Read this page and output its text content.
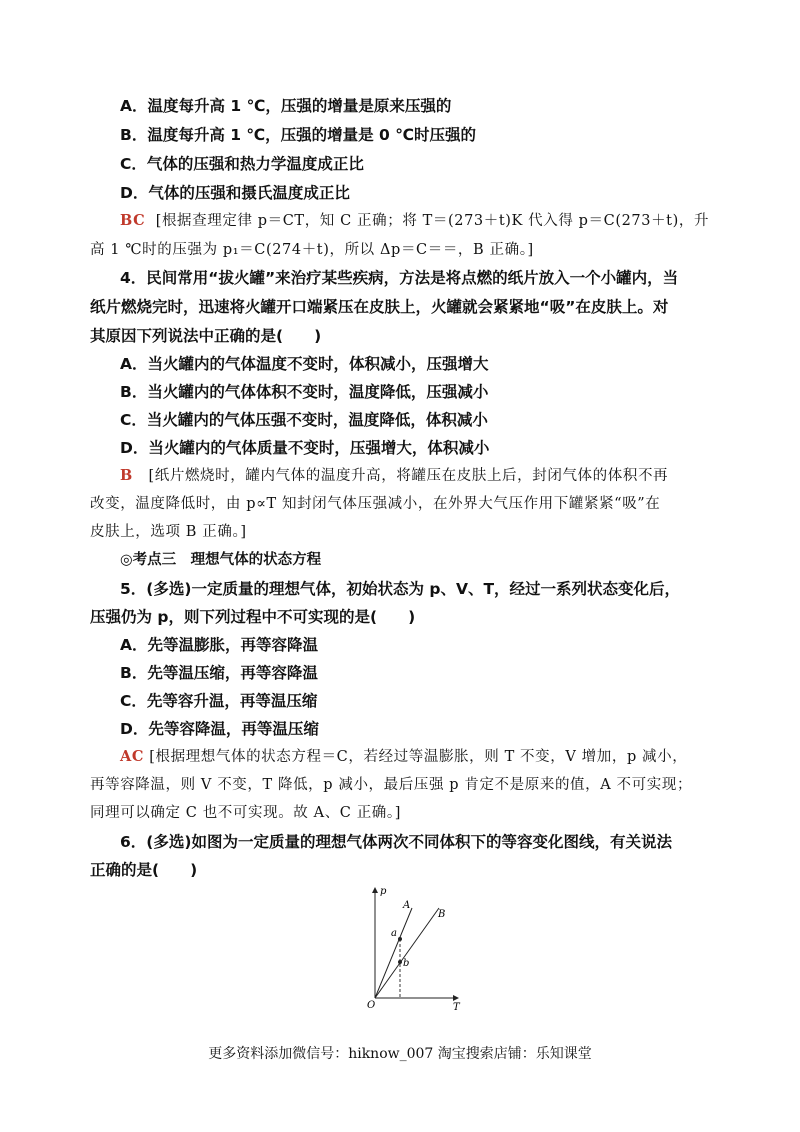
A．温度每升高 1 ℃，压强的增量是原来压强的
B．温度每升高 1 ℃，压强的增量是 0 ℃时压强的
C．气体的压强和热力学温度成正比
D．气体的压强和摄氏温度成正比
BC [根据查理定律 p＝CT，知 C 正确；将 T＝(273＋t)K 代入得 p＝C(273＋t)，升
高 1 ℃时的压强为 p₁＝C(274＋t)，所以 Δp＝C＝＝，B 正确。]
4．民间常用“拔火罐”来治疗某些疾病，方法是将点燃的纸片放入一个小罐内，当
纸片燃烧完时，迅速将火罐开口端紧压在皮肤上，火罐就会紧紧地“吸”在皮肤上。对
其原因下列说法中正确的是(　　)
A．当火罐内的气体温度不变时，体积减小，压强增大
B．当火罐内的气体体积不变时，温度降低，压强减小
C．当火罐内的气体压强不变时，温度降低，体积减小
D．当火罐内的气体质量不变时，压强增大，体积减小
B [纸片燃烧时，罐内气体的温度升高，将罐压在皮肤上后，封闭气体的体积不再
改变，温度降低时，由 p∝T 知封闭气体压强减小，在外界大气压作用下罐紧紧“吸”在
皮肤上，选项 B 正确。]
◎考点三　理想气体的状态方程
5．(多选)一定质量的理想气体，初始状态为 p、V、T，经过一系列状态变化后，
压强仍为 p，则下列过程中不可实现的是(　　)
A．先等温膨胀，再等容降温
B．先等温压缩，再等容降温
C．先等容升温，再等温压缩
D．先等容降温，再等温压缩
AC [根据理想气体的状态方程＝C，若经过等温膨胀，则 T 不变，V 增加，p 减小，
再等容降温，则 V 不变，T 降低，p 减小，最后压强 p 肯定不是原来的值，A 不可实现；
同理可以确定 C 也不可实现。故 A、C 正确。]
6．(多选)如图为一定质量的理想气体两次不同体积下的等容变化图线，有关说法
正确的是(　　)
p
T
O
A
B
a
b
更多资料添加微信号：hiknow_007 淘宝搜索店铺：乐知课堂
